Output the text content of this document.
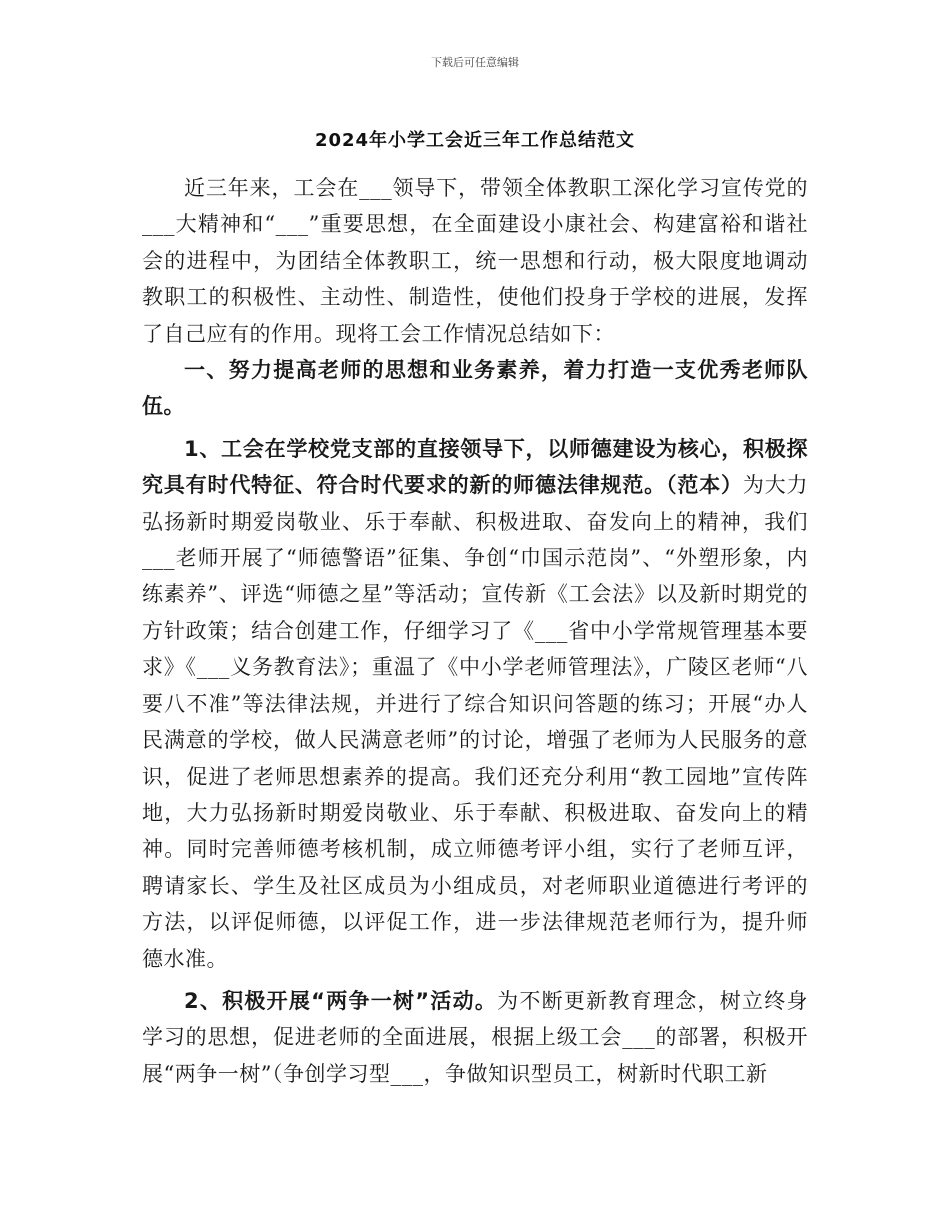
下载后可任意编辑
2024年小学工会近三年工作总结范文

近三年来，工会在___领导下，带领全体教职工深化学习宣传党的___大精神和“___”重要思想，在全面建设小康社会、构建富裕和谐社会的进程中，为团结全体教职工，统一思想和行动，极大限度地调动教职工的积极性、主动性、制造性，使他们投身于学校的进展，发挥了自己应有的作用。现将工会工作情况总结如下：

一、努力提高老师的思想和业务素养，着力打造一支优秀老师队伍。

1、工会在学校党支部的直接领导下，以师德建设为核心，积极探究具有时代特征、符合时代要求的新的师德法律规范。（范本）为大力弘扬新时期爱岗敬业、乐于奉献、积极进取、奋发向上的精神，我们___老师开展了“师德警语”征集、争创“巾国示范岗”、“外塑形象，内练素养”、评选“师德之星”等活动；宣传新《工会法》以及新时期党的方针政策；结合创建工作，仔细学习了《___省中小学常规管理基本要求》《___义务教育法》；重温了《中小学老师管理法》，广陵区老师“八要八不准”等法律法规，并进行了综合知识问答题的练习；开展“办人民满意的学校，做人民满意老师”的讨论，增强了老师为人民服务的意识，促进了老师思想素养的提高。我们还充分利用“教工园地”宣传阵地，大力弘扬新时期爱岗敬业、乐于奉献、积极进取、奋发向上的精神。同时完善师德考核机制，成立师德考评小组，实行了老师互评，聘请家长、学生及社区成员为小组成员，对老师职业道德进行考评的方法，以评促师德，以评促工作，进一步法律规范老师行为，提升师德水准。

2、积极开展“两争一树”活动。为不断更新教育理念，树立终身学习的思想，促进老师的全面进展，根据上级工会___的部署，积极开展“两争一树”（争创学习型___，争做知识型员工，树新时代职工新
